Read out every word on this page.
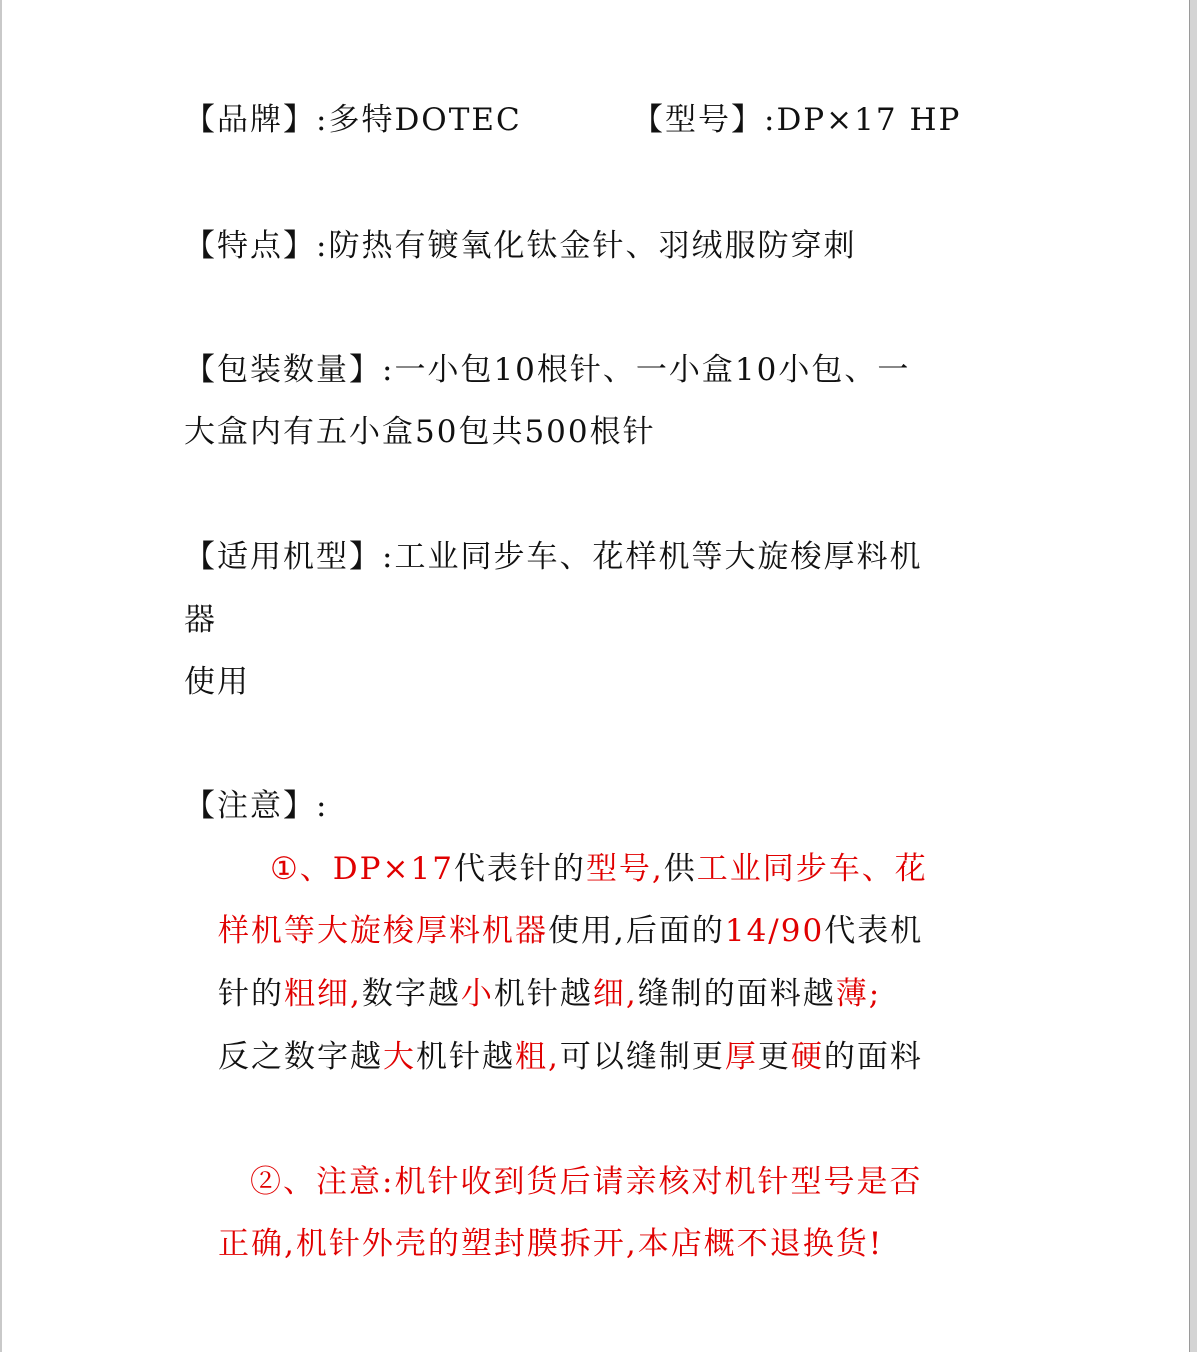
【品牌】:多特DOTEC	【型号】:DP×17 HP
【特点】:防热有镀氧化钛金针、羽绒服防穿刺
【包装数量】:一小包10根针、一小盒10小包、一
大盒内有五小盒50包共500根针
【适用机型】:工业同步车、花样机等大旋梭厚料机
器
使用
【注意】:
①、DP×17代表针的型号,供工业同步车、花
样机等大旋梭厚料机器使用,后面的14/90代表机
针的粗细,数字越小机针越细,缝制的面料越薄;
反之数字越大机针越粗,可以缝制更厚更硬的面料
②、注意:机针收到货后请亲核对机针型号是否
正确,机针外壳的塑封膜拆开,本店概不退换货!
